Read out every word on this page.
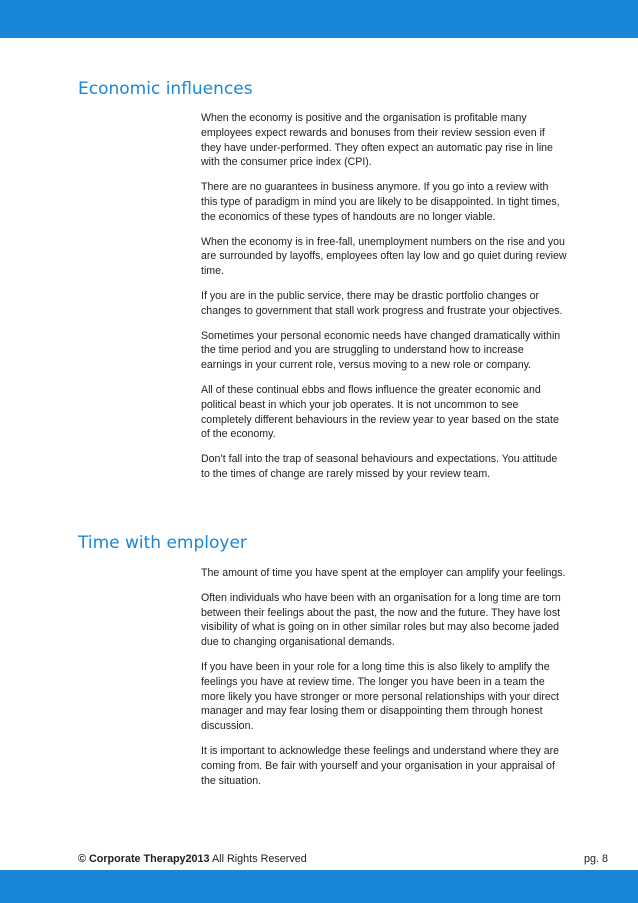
Economic influences

When the economy is positive and the organisation is profitable many employees expect rewards and bonuses from their review session even if they have under-performed. They often expect an automatic pay rise in line with the consumer price index (CPI).

There are no guarantees in business anymore. If you go into a review with this type of paradigm in mind you are likely to be disappointed. In tight times, the economics of these types of handouts are no longer viable.

When the economy is in free-fall, unemployment numbers on the rise and you are surrounded by layoffs, employees often lay low and go quiet during review time.

If you are in the public service, there may be drastic portfolio changes or changes to government that stall work progress and frustrate your objectives.

Sometimes your personal economic needs have changed dramatically within the time period and you are struggling to understand how to increase earnings in your current role, versus moving to a new role or company.

All of these continual ebbs and flows influence the greater economic and political beast in which your job operates. It is not uncommon to see completely different behaviours in the review year to year based on the state of the economy.

Don’t fall into the trap of seasonal behaviours and expectations. You attitude to the times of change are rarely missed by your review team.

Time with employer

The amount of time you have spent at the employer can amplify your feelings.

Often individuals who have been with an organisation for a long time are torn between their feelings about the past, the now and the future. They have lost visibility of what is going on in other similar roles but may also become jaded due to changing organisational demands.

If you have been in your role for a long time this is also likely to amplify the feelings you have at review time. The longer you have been in a team the more likely you have stronger or more personal relationships with your direct manager and may fear losing them or disappointing them through honest discussion.

It is important to acknowledge these feelings and understand where they are coming from. Be fair with yourself and your organisation in your appraisal of the situation.

© Corporate Therapy2013 All Rights Reserved	pg. 8
